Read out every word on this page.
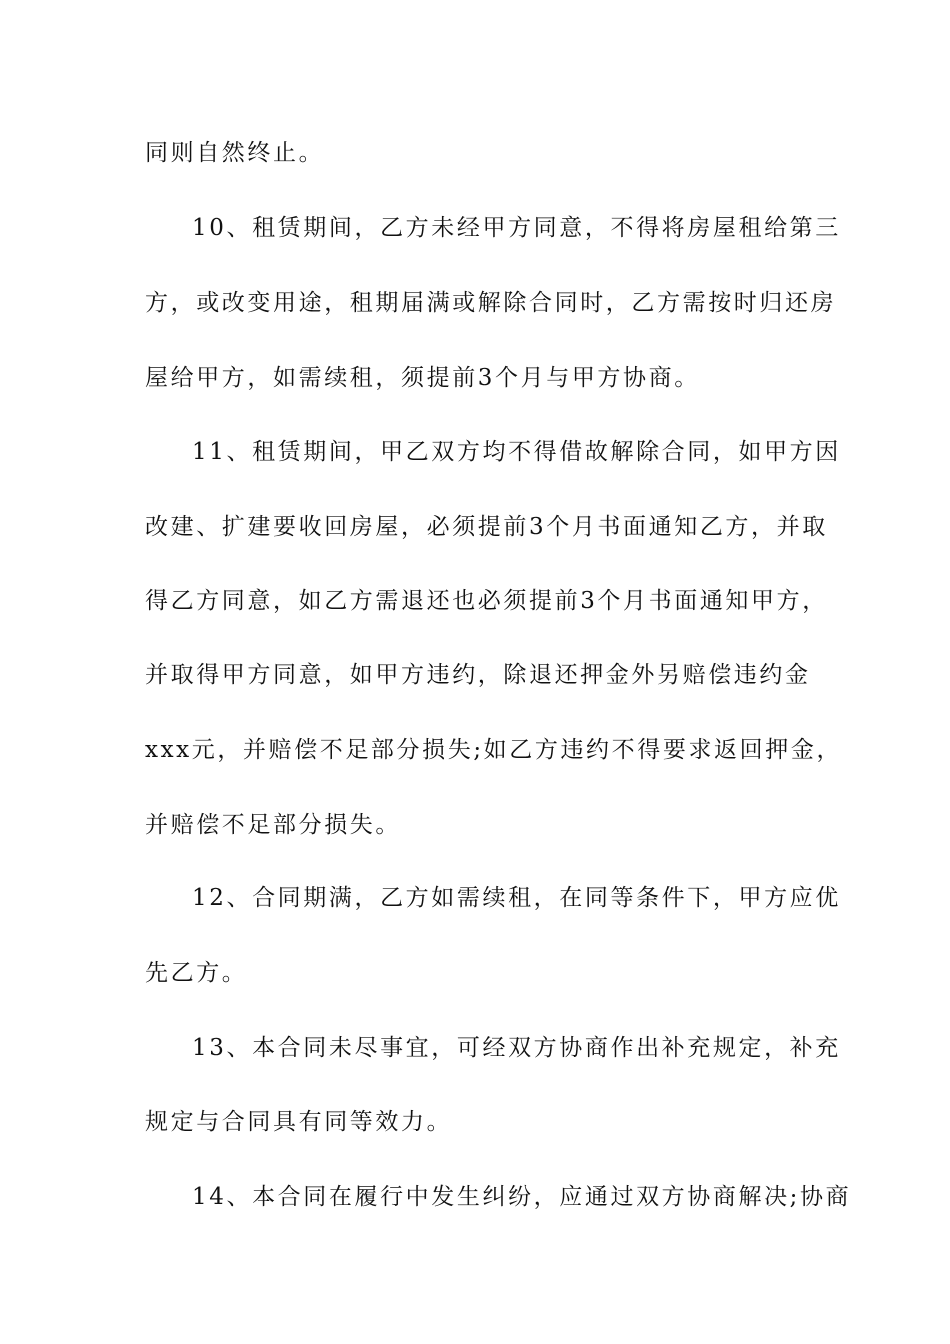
同则自然终止。
10、租赁期间，乙方未经甲方同意，不得将房屋租给第三
方，或改变用途，租期届满或解除合同时，乙方需按时归还房
屋给甲方，如需续租，须提前3个月与甲方协商。
11、租赁期间，甲乙双方均不得借故解除合同，如甲方因
改建、扩建要收回房屋，必须提前3个月书面通知乙方，并取
得乙方同意，如乙方需退还也必须提前3个月书面通知甲方，
并取得甲方同意，如甲方违约，除退还押金外另赔偿违约金
xxx元，并赔偿不足部分损失;如乙方违约不得要求返回押金，
并赔偿不足部分损失。
12、合同期满，乙方如需续租，在同等条件下，甲方应优
先乙方。
13、本合同未尽事宜，可经双方协商作出补充规定，补充
规定与合同具有同等效力。
14、本合同在履行中发生纠纷，应通过双方协商解决;协商
